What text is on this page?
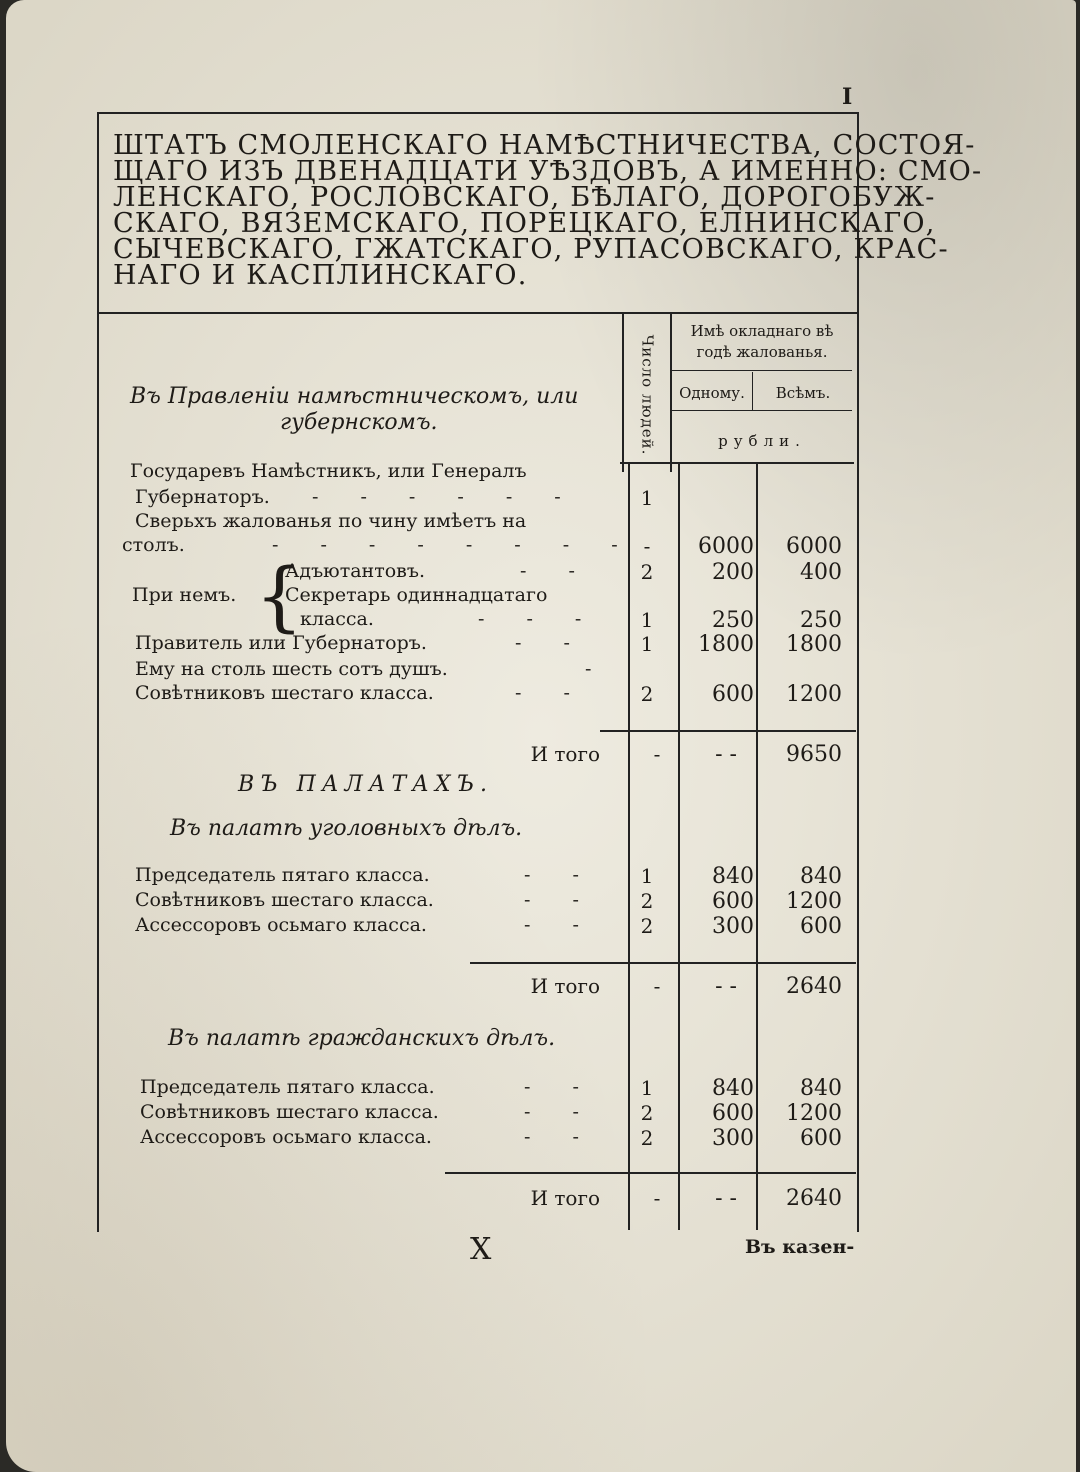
I
ШТАТЪ СМОЛЕНСКАГО НАМѢСТНИЧЕСТВА, СОСТОЯ-
ЩАГО ИЗЪ ДВЕНАДЦАТИ УѢЗДОВЪ, А ИМЕННО: СМО-
ЛЕНСКАГО, РОСЛОВСКАГО, БѢЛАГО, ДОРОГОБУЖ-
СКАГО, ВЯЗЕМСКАГО, ПОРЕЦКАГО, ЕЛНИНСКАГО,
СЫЧЕВСКАГО, ГЖАТСКАГО, РУПАСОВСКАГО, КРАС-
НАГО И КАСПЛИНСКАГО.
Число людей.
Имѣ окладнаго вѣ
годѣ жалованья.
Одному.	Всѣмъ.
рубли.
Въ Правленіи намѣстническомъ, или
губернскомъ.
Государевъ Намѣстникъ, или Генералъ
Губернаторъ. - - - - - -	1
Сверьхъ жалованья по чину имѣетъ на
столъ.	- - - - - - - - -	6000	6000
При немъ. {
Адъютантовъ.	- -	2	200	400
Секретарь одиннадцатаго
класса.	- - -	1	250	250
Правитель или Губернаторъ.	- -	1	1800	1800
Ему на столь шесть сотъ душъ.	-
Совѣтниковъ шестаго класса.	- -	2	600	1200
И того	-	- -	9650
ВЪ ПАЛАТАХЪ.
Въ палатѣ уголовныхъ дѣлъ.
Председатель пятаго класса.	- -	1	840	840
Совѣтниковъ шестаго класса.	- -	2	600	1200
Ассессоровъ осьмаго класса.	- -	2	300	600
И того	-	- -	2640
Въ палатѣ гражданскихъ дѣлъ.
Председатель пятаго класса.	- -	1	840	840
Совѣтниковъ шестаго класса.	- -	2	600	1200
Ассессоровъ осьмаго класса.	- -	2	300	600
И того	-	- -	2640
Х	Въ казен-
